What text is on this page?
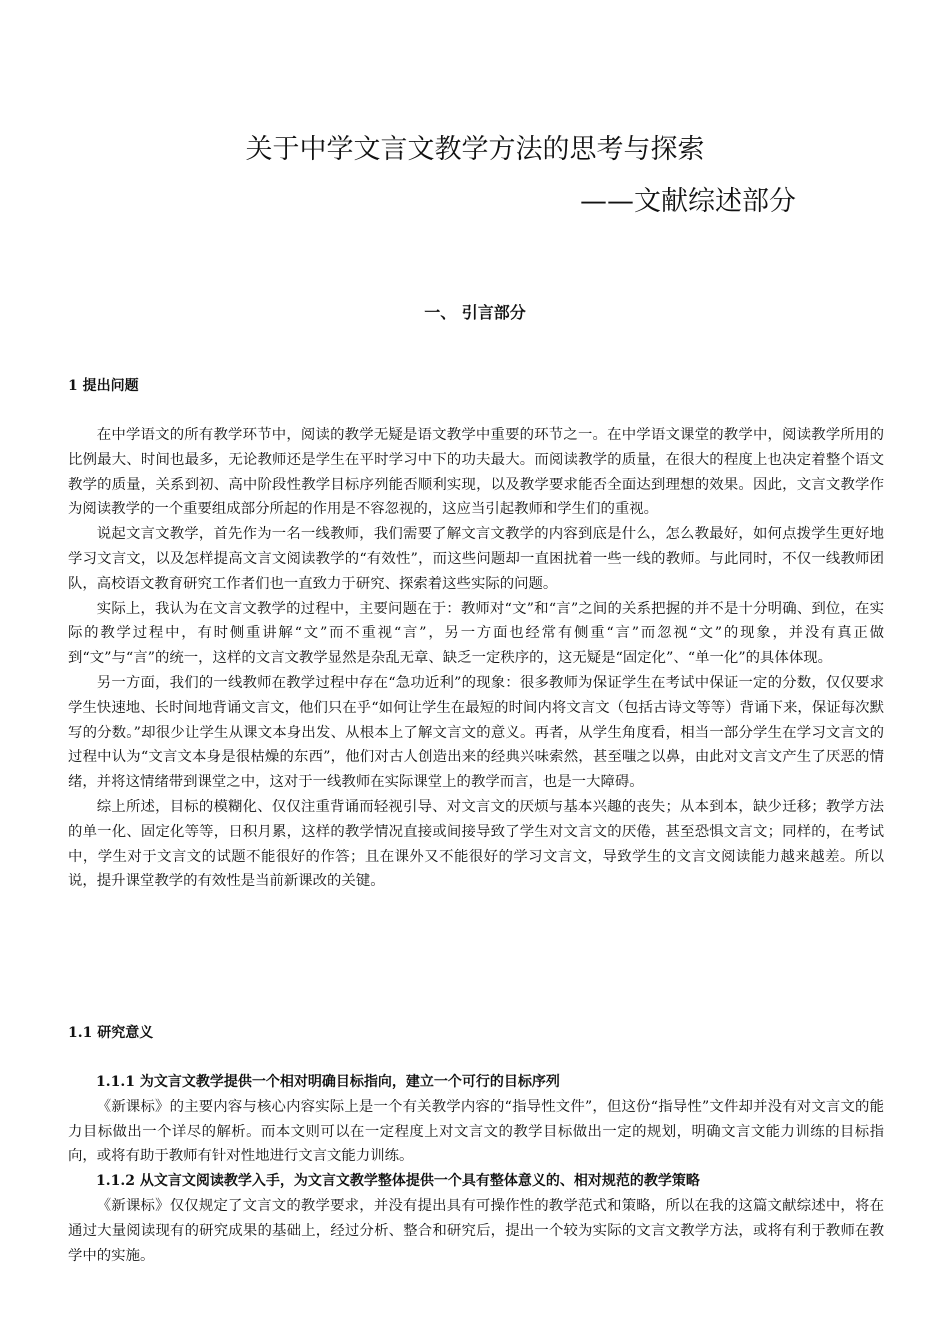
关于中学文言文教学方法的思考与探索
——文献综述部分
一、 引言部分
1 提出问题

在中学语文的所有教学环节中，阅读的教学无疑是语文教学中重要的环节之一。在中学语文课堂的教学中，阅读教学所用的比例最大、时间也最多，无论教师还是学生在平时学习中下的功夫最大。而阅读教学的质量，在很大的程度上也决定着整个语文教学的质量，关系到初、高中阶段性教学目标序列能否顺利实现，以及教学要求能否全面达到理想的效果。因此，文言文教学作为阅读教学的一个重要组成部分所起的作用是不容忽视的，这应当引起教师和学生们的重视。

说起文言文教学，首先作为一名一线教师，我们需要了解文言文教学的内容到底是什么，怎么教最好，如何点拨学生更好地学习文言文，以及怎样提高文言文阅读教学的“有效性”，而这些问题却一直困扰着一些一线的教师。与此同时，不仅一线教师团队，高校语文教育研究工作者们也一直致力于研究、探索着这些实际的问题。

实际上，我认为在文言文教学的过程中，主要问题在于：教师对“文”和“言”之间的关系把握的并不是十分明确、到位，在实际的教学过程中，有时侧重讲解“文”而不重视“言”，另一方面也经常有侧重“言”而忽视“文”的现象，并没有真正做到“文”与“言”的统一，这样的文言文教学显然是杂乱无章、缺乏一定秩序的，这无疑是“固定化”、“单一化”的具体体现。

另一方面，我们的一线教师在教学过程中存在“急功近利”的现象：很多教师为保证学生在考试中保证一定的分数，仅仅要求学生快速地、长时间地背诵文言文，他们只在乎“如何让学生在最短的时间内将文言文（包括古诗文等等）背诵下来，保证每次默写的分数。”却很少让学生从课文本身出发、从根本上了解文言文的意义。再者，从学生角度看，相当一部分学生在学习文言文的过程中认为“文言文本身是很枯燥的东西”，他们对古人创造出来的经典兴味索然，甚至嗤之以鼻，由此对文言文产生了厌恶的情绪，并将这情绪带到课堂之中，这对于一线教师在实际课堂上的教学而言，也是一大障碍。

综上所述，目标的模糊化、仅仅注重背诵而轻视引导、对文言文的厌烦与基本兴趣的丧失；从本到本，缺少迁移；教学方法的单一化、固定化等等，日积月累，这样的教学情况直接或间接导致了学生对文言文的厌倦，甚至恐惧文言文；同样的，在考试中，学生对于文言文的试题不能很好的作答；且在课外又不能很好的学习文言文，导致学生的文言文阅读能力越来越差。所以说，提升课堂教学的有效性是当前新课改的关键。

1.1 研究意义

1.1.1 为文言文教学提供一个相对明确目标指向，建立一个可行的目标序列

《新课标》的主要内容与核心内容实际上是一个有关教学内容的“指导性文件”，但这份“指导性”文件却并没有对文言文的能力目标做出一个详尽的解析。而本文则可以在一定程度上对文言文的教学目标做出一定的规划，明确文言文能力训练的目标指向，或将有助于教师有针对性地进行文言文能力训练。

1.1.2 从文言文阅读教学入手，为文言文教学整体提供一个具有整体意义的、相对规范的教学策略

《新课标》仅仅规定了文言文的教学要求，并没有提出具有可操作性的教学范式和策略，所以在我的这篇文献综述中，将在通过大量阅读现有的研究成果的基础上，经过分析、整合和研究后，提出一个较为实际的文言文教学方法，或将有利于教师在教学中的实施。
